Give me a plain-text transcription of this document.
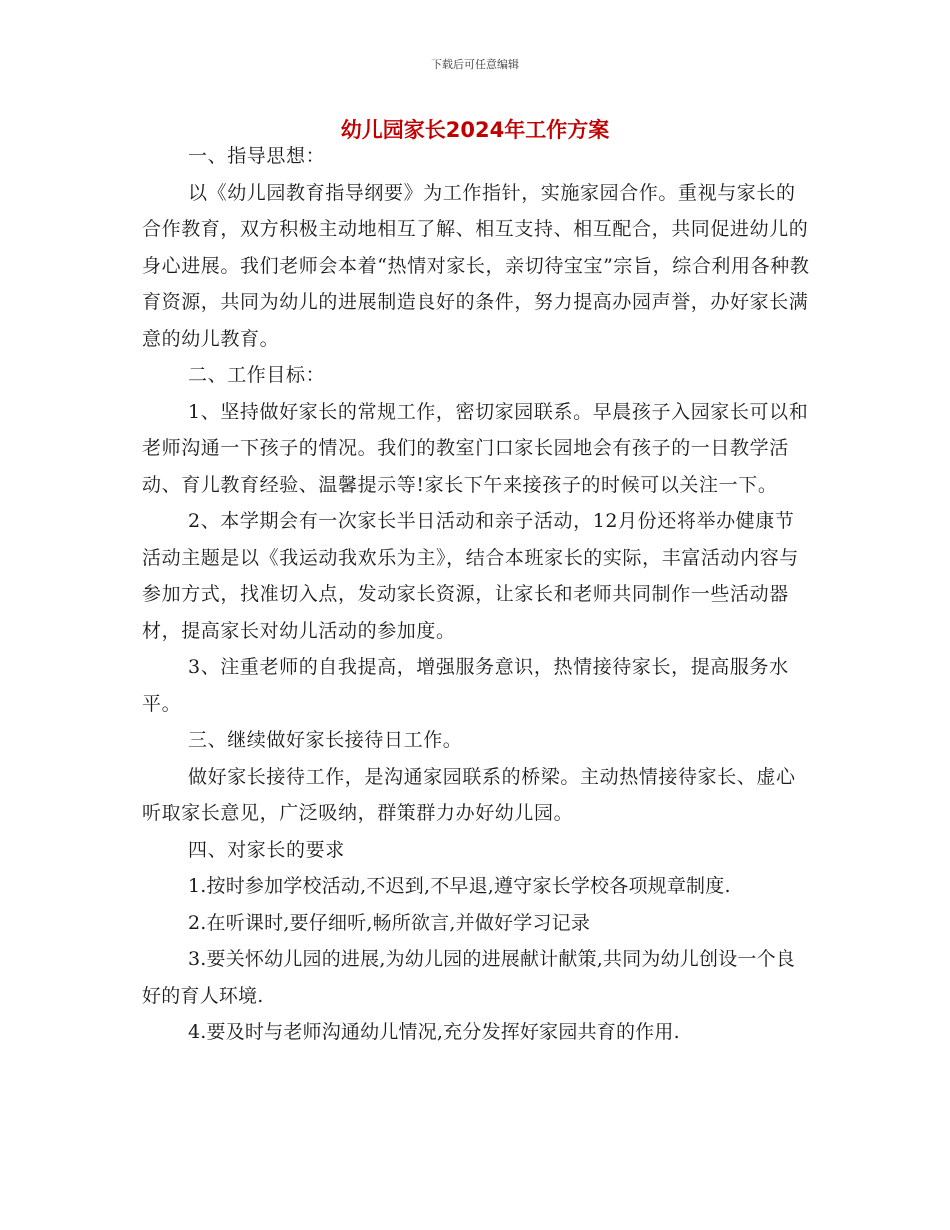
下载后可任意编辑
幼儿园家长2024年工作方案

一、指导思想：

以《幼儿园教育指导纲要》为工作指针，实施家园合作。重视与家长的合作教育，双方积极主动地相互了解、相互支持、相互配合，共同促进幼儿的身心进展。我们老师会本着“热情对家长，亲切待宝宝”宗旨，综合利用各种教育资源，共同为幼儿的进展制造良好的条件，努力提高办园声誉，办好家长满意的幼儿教育。

二、工作目标：

1、坚持做好家长的常规工作，密切家园联系。早晨孩子入园家长可以和老师沟通一下孩子的情况。我们的教室门口家长园地会有孩子的一日教学活动、育儿教育经验、温馨提示等!家长下午来接孩子的时候可以关注一下。

2、本学期会有一次家长半日活动和亲子活动，12月份还将举办健康节活动主题是以《我运动我欢乐为主》，结合本班家长的实际，丰富活动内容与参加方式，找准切入点，发动家长资源，让家长和老师共同制作一些活动器材，提高家长对幼儿活动的参加度。

3、注重老师的自我提高，增强服务意识，热情接待家长，提高服务水平。

三、继续做好家长接待日工作。

做好家长接待工作，是沟通家园联系的桥梁。主动热情接待家长、虚心听取家长意见，广泛吸纳，群策群力办好幼儿园。

四、对家长的要求

1.按时参加学校活动,不迟到,不早退,遵守家长学校各项规章制度.

2.在听课时,要仔细听,畅所欲言,并做好学习记录

3.要关怀幼儿园的进展,为幼儿园的进展献计献策,共同为幼儿创设一个良好的育人环境.

4.要及时与老师沟通幼儿情况,充分发挥好家园共育的作用.
